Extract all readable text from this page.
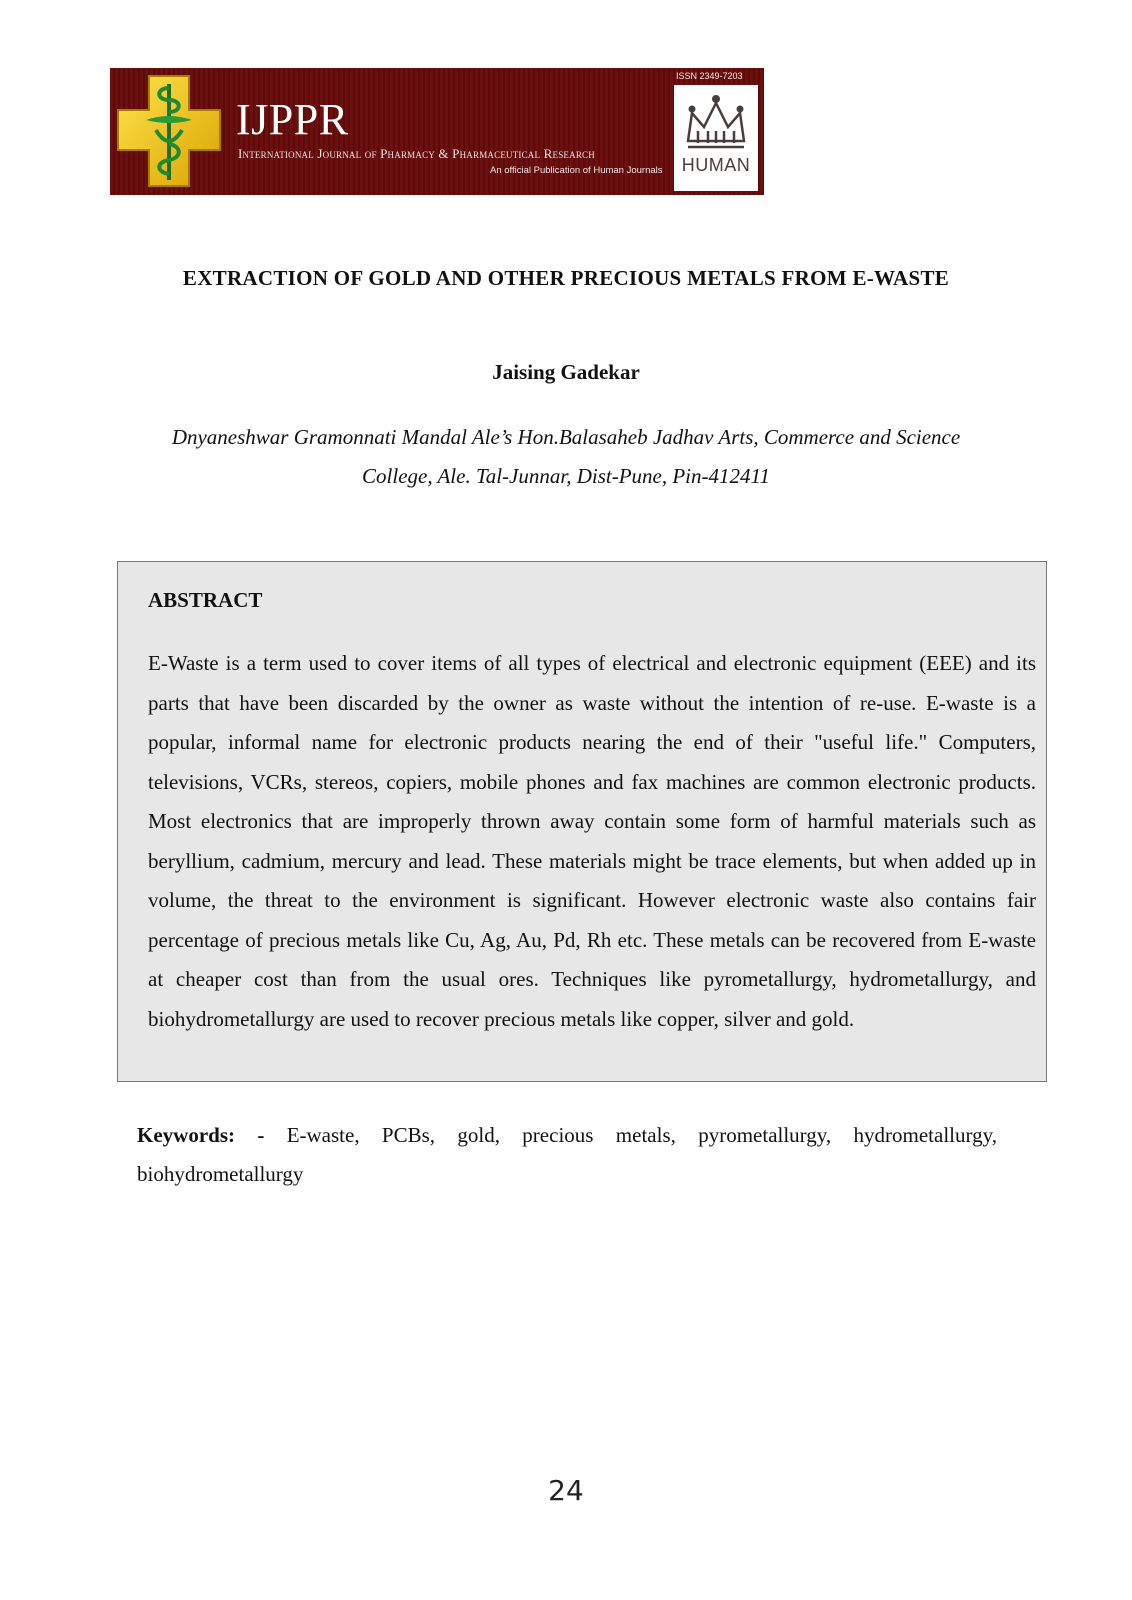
IJPPR
International Journal of Pharmacy & Pharmaceutical Research
An official Publication of Human Journals
ISSN 2349-7203
HUMAN
EXTRACTION OF GOLD AND OTHER PRECIOUS METALS FROM E-WASTE
Jaising Gadekar
Dnyaneshwar Gramonnati Mandal Ale’s Hon.Balasaheb Jadhav Arts, Commerce and Science College, Ale. Tal-Junnar, Dist-Pune, Pin-412411
ABSTRACT
E-Waste is a term used to cover items of all types of electrical and electronic equipment (EEE) and its parts that have been discarded by the owner as waste without the intention of re-use. E-waste is a popular, informal name for electronic products nearing the end of their "useful life." Computers, televisions, VCRs, stereos, copiers, mobile phones and fax machines are common electronic products. Most electronics that are improperly thrown away contain some form of harmful materials such as beryllium, cadmium, mercury and lead. These materials might be trace elements, but when added up in volume, the threat to the environment is significant. However electronic waste also contains fair percentage of precious metals like Cu, Ag, Au, Pd, Rh etc. These metals can be recovered from E-waste at cheaper cost than from the usual ores. Techniques like pyrometallurgy, hydrometallurgy, and biohydrometallurgy are used to recover precious metals like copper, silver and gold.
Keywords: - E-waste, PCBs, gold, precious metals, pyrometallurgy, hydrometallurgy, biohydrometallurgy
24
